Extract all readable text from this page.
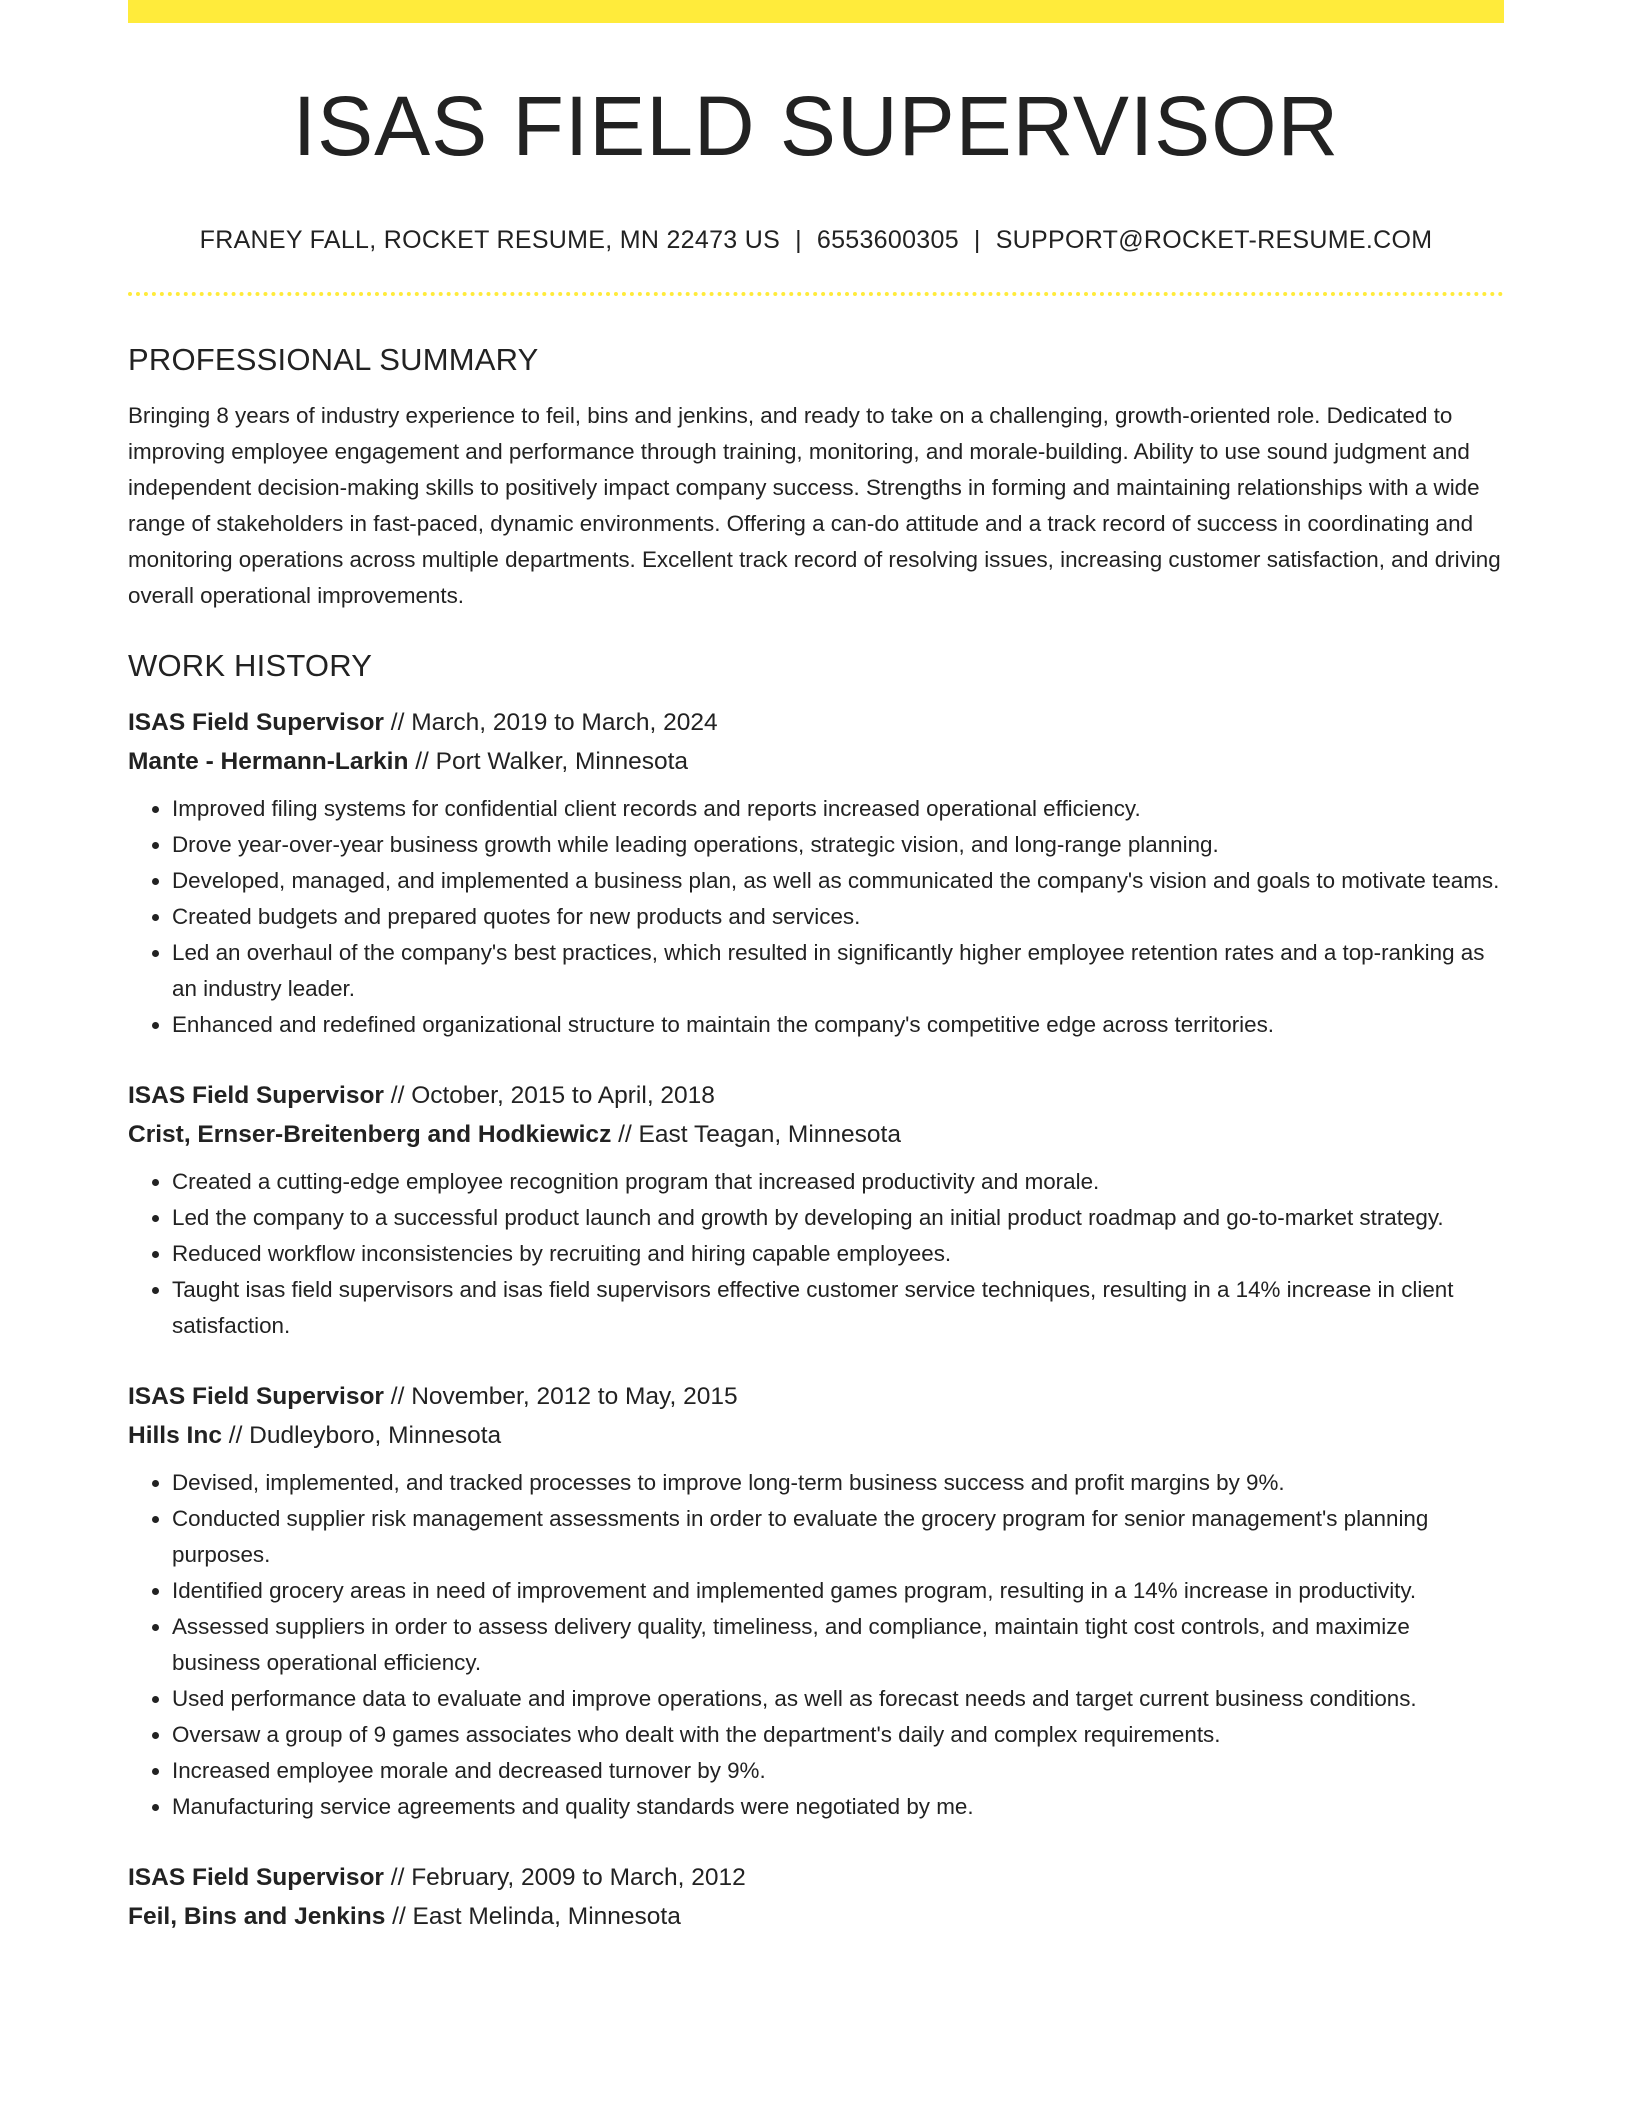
ISAS FIELD SUPERVISOR
FRANEY FALL, ROCKET RESUME, MN 22473 US | 6553600305 | SUPPORT@ROCKET-RESUME.COM
PROFESSIONAL SUMMARY

Bringing 8 years of industry experience to feil, bins and jenkins, and ready to take on a challenging, growth-oriented role. Dedicated to improving employee engagement and performance through training, monitoring, and morale-building. Ability to use sound judgment and independent decision-making skills to positively impact company success. Strengths in forming and maintaining relationships with a wide range of stakeholders in fast-paced, dynamic environments. Offering a can-do attitude and a track record of success in coordinating and monitoring operations across multiple departments. Excellent track record of resolving issues, increasing customer satisfaction, and driving overall operational improvements.

WORK HISTORY
ISAS Field Supervisor // March, 2019 to March, 2024
Mante - Hermann-Larkin // Port Walker, Minnesota
• Improved filing systems for confidential client records and reports increased operational efficiency.
• Drove year-over-year business growth while leading operations, strategic vision, and long-range planning.
• Developed, managed, and implemented a business plan, as well as communicated the company's vision and goals to motivate teams.
• Created budgets and prepared quotes for new products and services.
• Led an overhaul of the company's best practices, which resulted in significantly higher employee retention rates and a top-ranking as an industry leader.
• Enhanced and redefined organizational structure to maintain the company's competitive edge across territories.
ISAS Field Supervisor // October, 2015 to April, 2018
Crist, Ernser-Breitenberg and Hodkiewicz // East Teagan, Minnesota
• Created a cutting-edge employee recognition program that increased productivity and morale.
• Led the company to a successful product launch and growth by developing an initial product roadmap and go-to-market strategy.
• Reduced workflow inconsistencies by recruiting and hiring capable employees.
• Taught isas field supervisors and isas field supervisors effective customer service techniques, resulting in a 14% increase in client satisfaction.
ISAS Field Supervisor // November, 2012 to May, 2015
Hills Inc // Dudleyboro, Minnesota
• Devised, implemented, and tracked processes to improve long-term business success and profit margins by 9%.
• Conducted supplier risk management assessments in order to evaluate the grocery program for senior management's planning purposes.
• Identified grocery areas in need of improvement and implemented games program, resulting in a 14% increase in productivity.
• Assessed suppliers in order to assess delivery quality, timeliness, and compliance, maintain tight cost controls, and maximize business operational efficiency.
• Used performance data to evaluate and improve operations, as well as forecast needs and target current business conditions.
• Oversaw a group of 9 games associates who dealt with the department's daily and complex requirements.
• Increased employee morale and decreased turnover by 9%.
• Manufacturing service agreements and quality standards were negotiated by me.
ISAS Field Supervisor // February, 2009 to March, 2012
Feil, Bins and Jenkins // East Melinda, Minnesota
